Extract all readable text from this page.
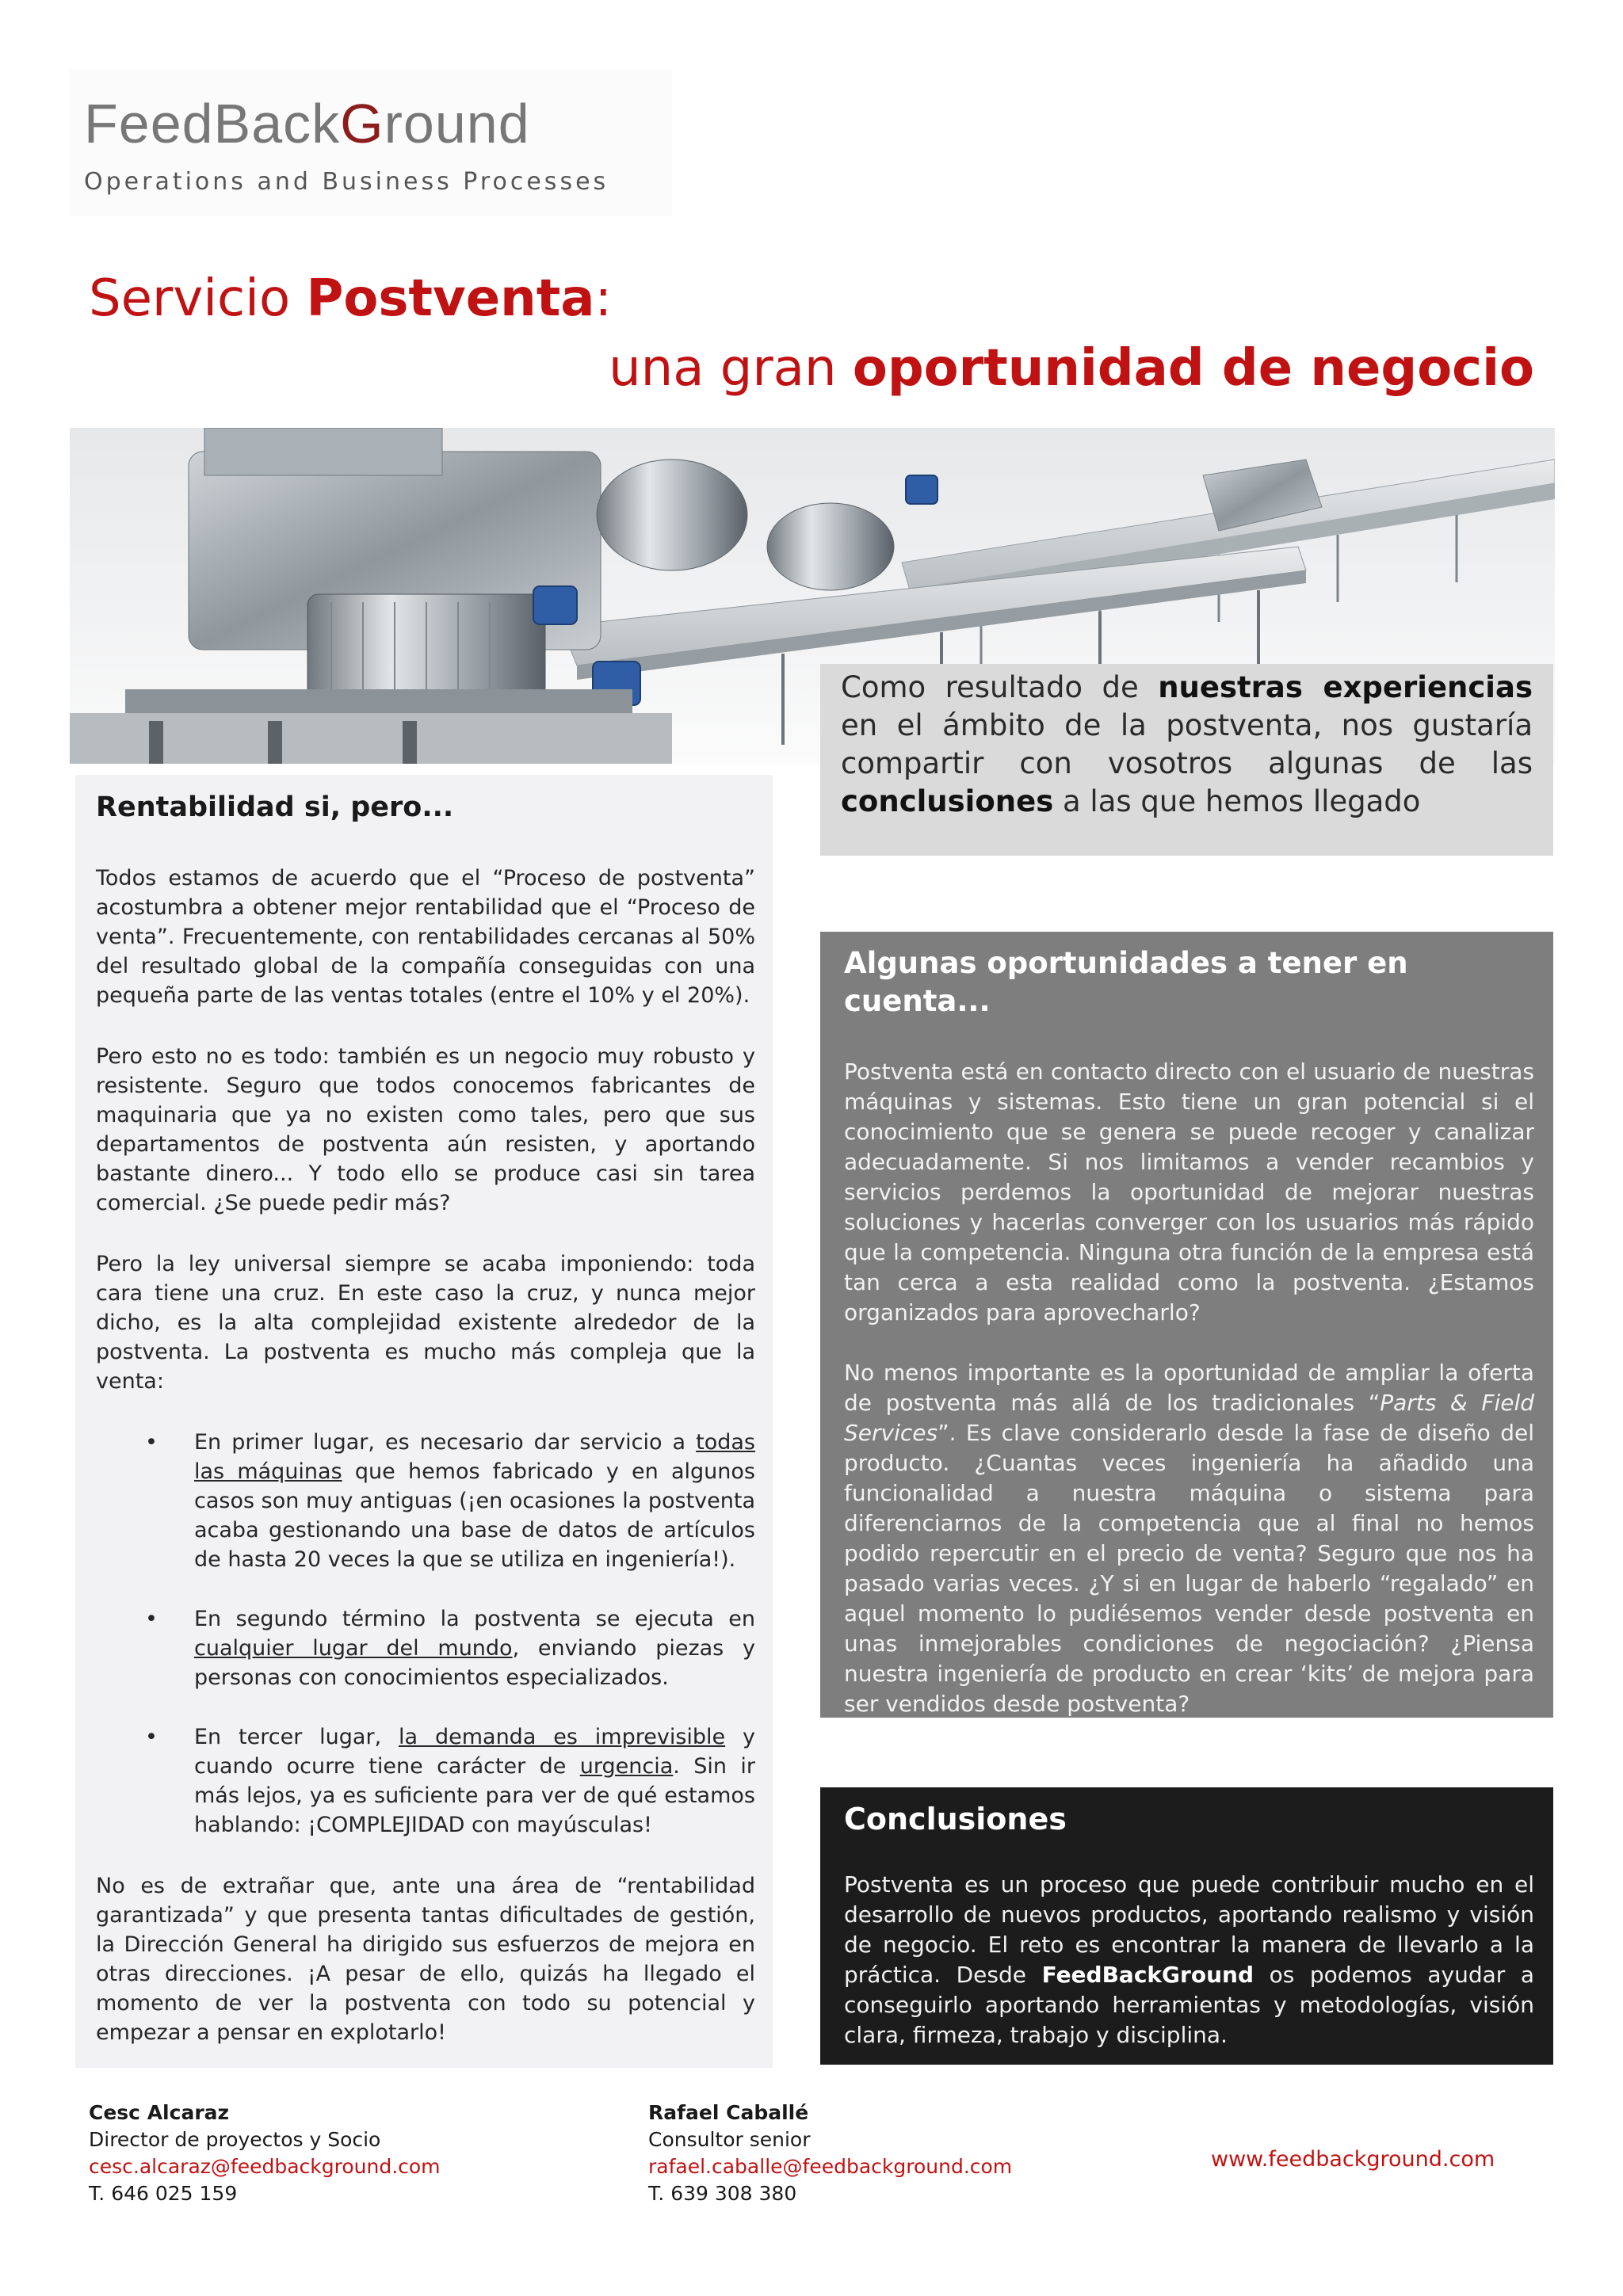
FeedBackGround
Operations and Business Processes
Servicio Postventa:
una gran oportunidad de negocio

Como resultado de nuestras experiencias en el ámbito de la postventa, nos gustaría compartir con vosotros algunas de las conclusiones a las que hemos llegado

Rentabilidad si, pero...

Todos estamos de acuerdo que el “Proceso de postventa” acostumbra a obtener mejor rentabilidad que el “Proceso de venta”. Frecuentemente, con rentabilidades cercanas al 50% del resultado global de la compañía conseguidas con una pequeña parte de las ventas totales (entre el 10% y el 20%).

Pero esto no es todo: también es un negocio muy robusto y resistente. Seguro que todos conocemos fabricantes de maquinaria que ya no existen como tales, pero que sus departamentos de postventa aún resisten, y aportando bastante dinero... Y todo ello se produce casi sin tarea comercial. ¿Se puede pedir más?

Pero la ley universal siempre se acaba imponiendo: toda cara tiene una cruz. En este caso la cruz, y nunca mejor dicho, es la alta complejidad existente alrededor de la postventa. La postventa es mucho más compleja que la venta:

• En primer lugar, es necesario dar servicio a todas las máquinas que hemos fabricado y en algunos casos son muy antiguas (¡en ocasiones la postventa acaba gestionando una base de datos de artículos de hasta 20 veces la que se utiliza en ingeniería!).
• En segundo término la postventa se ejecuta en cualquier lugar del mundo, enviando piezas y personas con conocimientos especializados.
• En tercer lugar, la demanda es imprevisible y cuando ocurre tiene carácter de urgencia. Sin ir más lejos, ya es suficiente para ver de qué estamos hablando: ¡COMPLEJIDAD con mayúsculas!

No es de extrañar que, ante una área de “rentabilidad garantizada” y que presenta tantas dificultades de gestión, la Dirección General ha dirigido sus esfuerzos de mejora en otras direcciones. ¡A pesar de ello, quizás ha llegado el momento de ver la postventa con todo su potencial y empezar a pensar en explotarlo!

Algunas oportunidades a tener en cuenta...

Postventa está en contacto directo con el usuario de nuestras máquinas y sistemas. Esto tiene un gran potencial si el conocimiento que se genera se puede recoger y canalizar adecuadamente. Si nos limitamos a vender recambios y servicios perdemos la oportunidad de mejorar nuestras soluciones y hacerlas converger con los usuarios más rápido que la competencia. Ninguna otra función de la empresa está tan cerca a esta realidad como la postventa. ¿Estamos organizados para aprovecharlo?

No menos importante es la oportunidad de ampliar la oferta de postventa más allá de los tradicionales “Parts & Field Services”. Es clave considerarlo desde la fase de diseño del producto. ¿Cuantas veces ingeniería ha añadido una funcionalidad a nuestra máquina o sistema para diferenciarnos de la competencia que al final no hemos podido repercutir en el precio de venta? Seguro que nos ha pasado varias veces. ¿Y si en lugar de haberlo “regalado” en aquel momento lo pudiésemos vender desde postventa en unas inmejorables condiciones de negociación? ¿Piensa nuestra ingeniería de producto en crear ‘kits’ de mejora para ser vendidos desde postventa?

Conclusiones

Postventa es un proceso que puede contribuir mucho en el desarrollo de nuevos productos, aportando realismo y visión de negocio. El reto es encontrar la manera de llevarlo a la práctica. Desde FeedBackGround os podemos ayudar a conseguirlo aportando herramientas y metodologías, visión clara, firmeza, trabajo y disciplina.

Cesc Alcaraz
Director de proyectos y Socio
cesc.alcaraz@feedbackground.com
T. 646 025 159
Rafael Caballé
Consultor senior
rafael.caballe@feedbackground.com
T. 639 308 380
www.feedbackground.com
